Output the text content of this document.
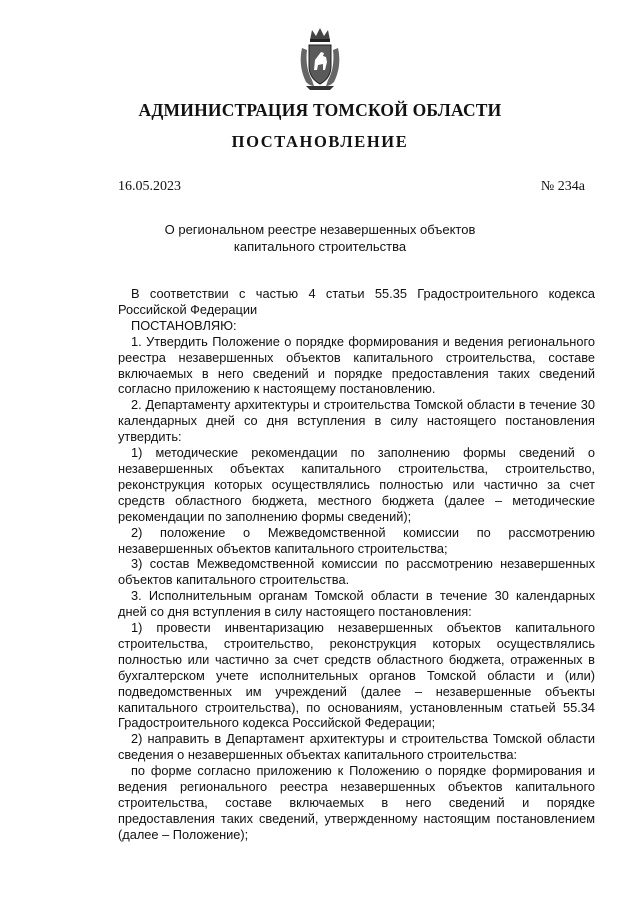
АДМИНИСТРАЦИЯ ТОМСКОЙ ОБЛАСТИ
ПОСТАНОВЛЕНИЕ
16.05.2023	№ 234а
О региональном реестре незавершенных объектов
капитального строительства

В соответствии с частью 4 статьи 55.35 Градостроительного кодекса Российской Федерации

ПОСТАНОВЛЯЮ:

1. Утвердить Положение о порядке формирования и ведения регионального реестра незавершенных объектов капитального строительства, составе включаемых в него сведений и порядке предоставления таких сведений согласно приложению к настоящему постановлению.

2. Департаменту архитектуры и строительства Томской области в течение 30 календарных дней со дня вступления в силу настоящего постановления утвердить:

1) методические рекомендации по заполнению формы сведений о незавершенных объектах капитального строительства, строительство, реконструкция которых осуществлялись полностью или частично за счет средств областного бюджета, местного бюджета (далее – методические рекомендации по заполнению формы сведений);

2) положение о Межведомственной комиссии по рассмотрению незавершенных объектов капитального строительства;

3) состав Межведомственной комиссии по рассмотрению незавершенных объектов капитального строительства.

3. Исполнительным органам Томской области в течение 30 календарных дней со дня вступления в силу настоящего постановления:

1) провести инвентаризацию незавершенных объектов капитального строительства, строительство, реконструкция которых осуществлялись полностью или частично за счет средств областного бюджета, отраженных в бухгалтерском учете исполнительных органов Томской области и (или) подведомственных им учреждений (далее – незавершенные объекты капитального строительства), по основаниям, установленным статьей 55.34 Градостроительного кодекса Российской Федерации;

2) направить в Департамент архитектуры и строительства Томской области сведения о незавершенных объектах капитального строительства:

по форме согласно приложению к Положению о порядке формирования и ведения регионального реестра незавершенных объектов капитального строительства, составе включаемых в него сведений и порядке предоставления таких сведений, утвержденному настоящим постановлением (далее – Положение);
